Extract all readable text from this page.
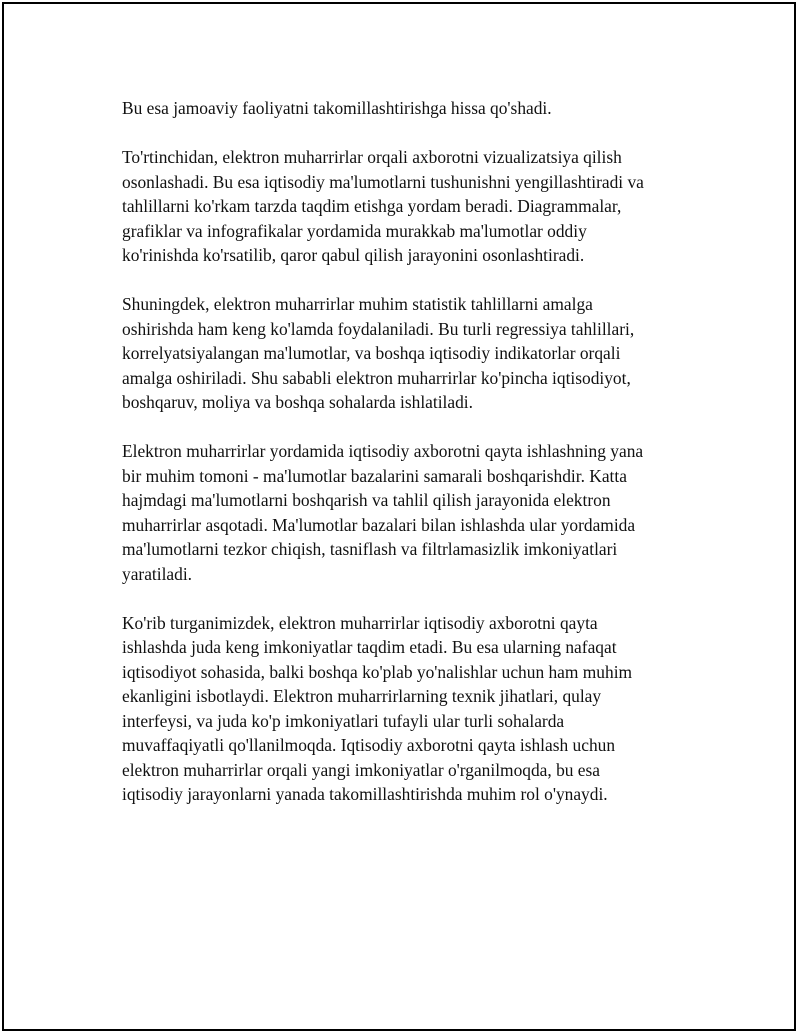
Bu esa jamoaviy faoliyatni takomillashtirishga hissa qo'shadi.

To'rtinchidan, elektron muharrirlar orqali axborotni vizualizatsiya qilish
osonlashadi. Bu esa iqtisodiy ma'lumotlarni tushunishni yengillashtiradi va
tahlillarni ko'rkam tarzda taqdim etishga yordam beradi. Diagrammalar,
grafiklar va infografikalar yordamida murakkab ma'lumotlar oddiy
ko'rinishda ko'rsatilib, qaror qabul qilish jarayonini osonlashtiradi.

Shuningdek, elektron muharrirlar muhim statistik tahlillarni amalga
oshirishda ham keng ko'lamda foydalaniladi. Bu turli regressiya tahlillari,
korrelyatsiyalangan ma'lumotlar, va boshqa iqtisodiy indikatorlar orqali
amalga oshiriladi. Shu sababli elektron muharrirlar ko'pincha iqtisodiyot,
boshqaruv, moliya va boshqa sohalarda ishlatiladi.

Elektron muharrirlar yordamida iqtisodiy axborotni qayta ishlashning yana
bir muhim tomoni - ma'lumotlar bazalarini samarali boshqarishdir. Katta
hajmdagi ma'lumotlarni boshqarish va tahlil qilish jarayonida elektron
muharrirlar asqotadi. Ma'lumotlar bazalari bilan ishlashda ular yordamida
ma'lumotlarni tezkor chiqish, tasniflash va filtrlamasizlik imkoniyatlari
yaratiladi.

Ko'rib turganimizdek, elektron muharrirlar iqtisodiy axborotni qayta
ishlashda juda keng imkoniyatlar taqdim etadi. Bu esa ularning nafaqat
iqtisodiyot sohasida, balki boshqa ko'plab yo'nalishlar uchun ham muhim
ekanligini isbotlaydi. Elektron muharrirlarning texnik jihatlari, qulay
interfeysi, va juda ko'p imkoniyatlari tufayli ular turli sohalarda
muvaffaqiyatli qo'llanilmoqda. Iqtisodiy axborotni qayta ishlash uchun
elektron muharrirlar orqali yangi imkoniyatlar o'rganilmoqda, bu esa
iqtisodiy jarayonlarni yanada takomillashtirishda muhim rol o'ynaydi.
